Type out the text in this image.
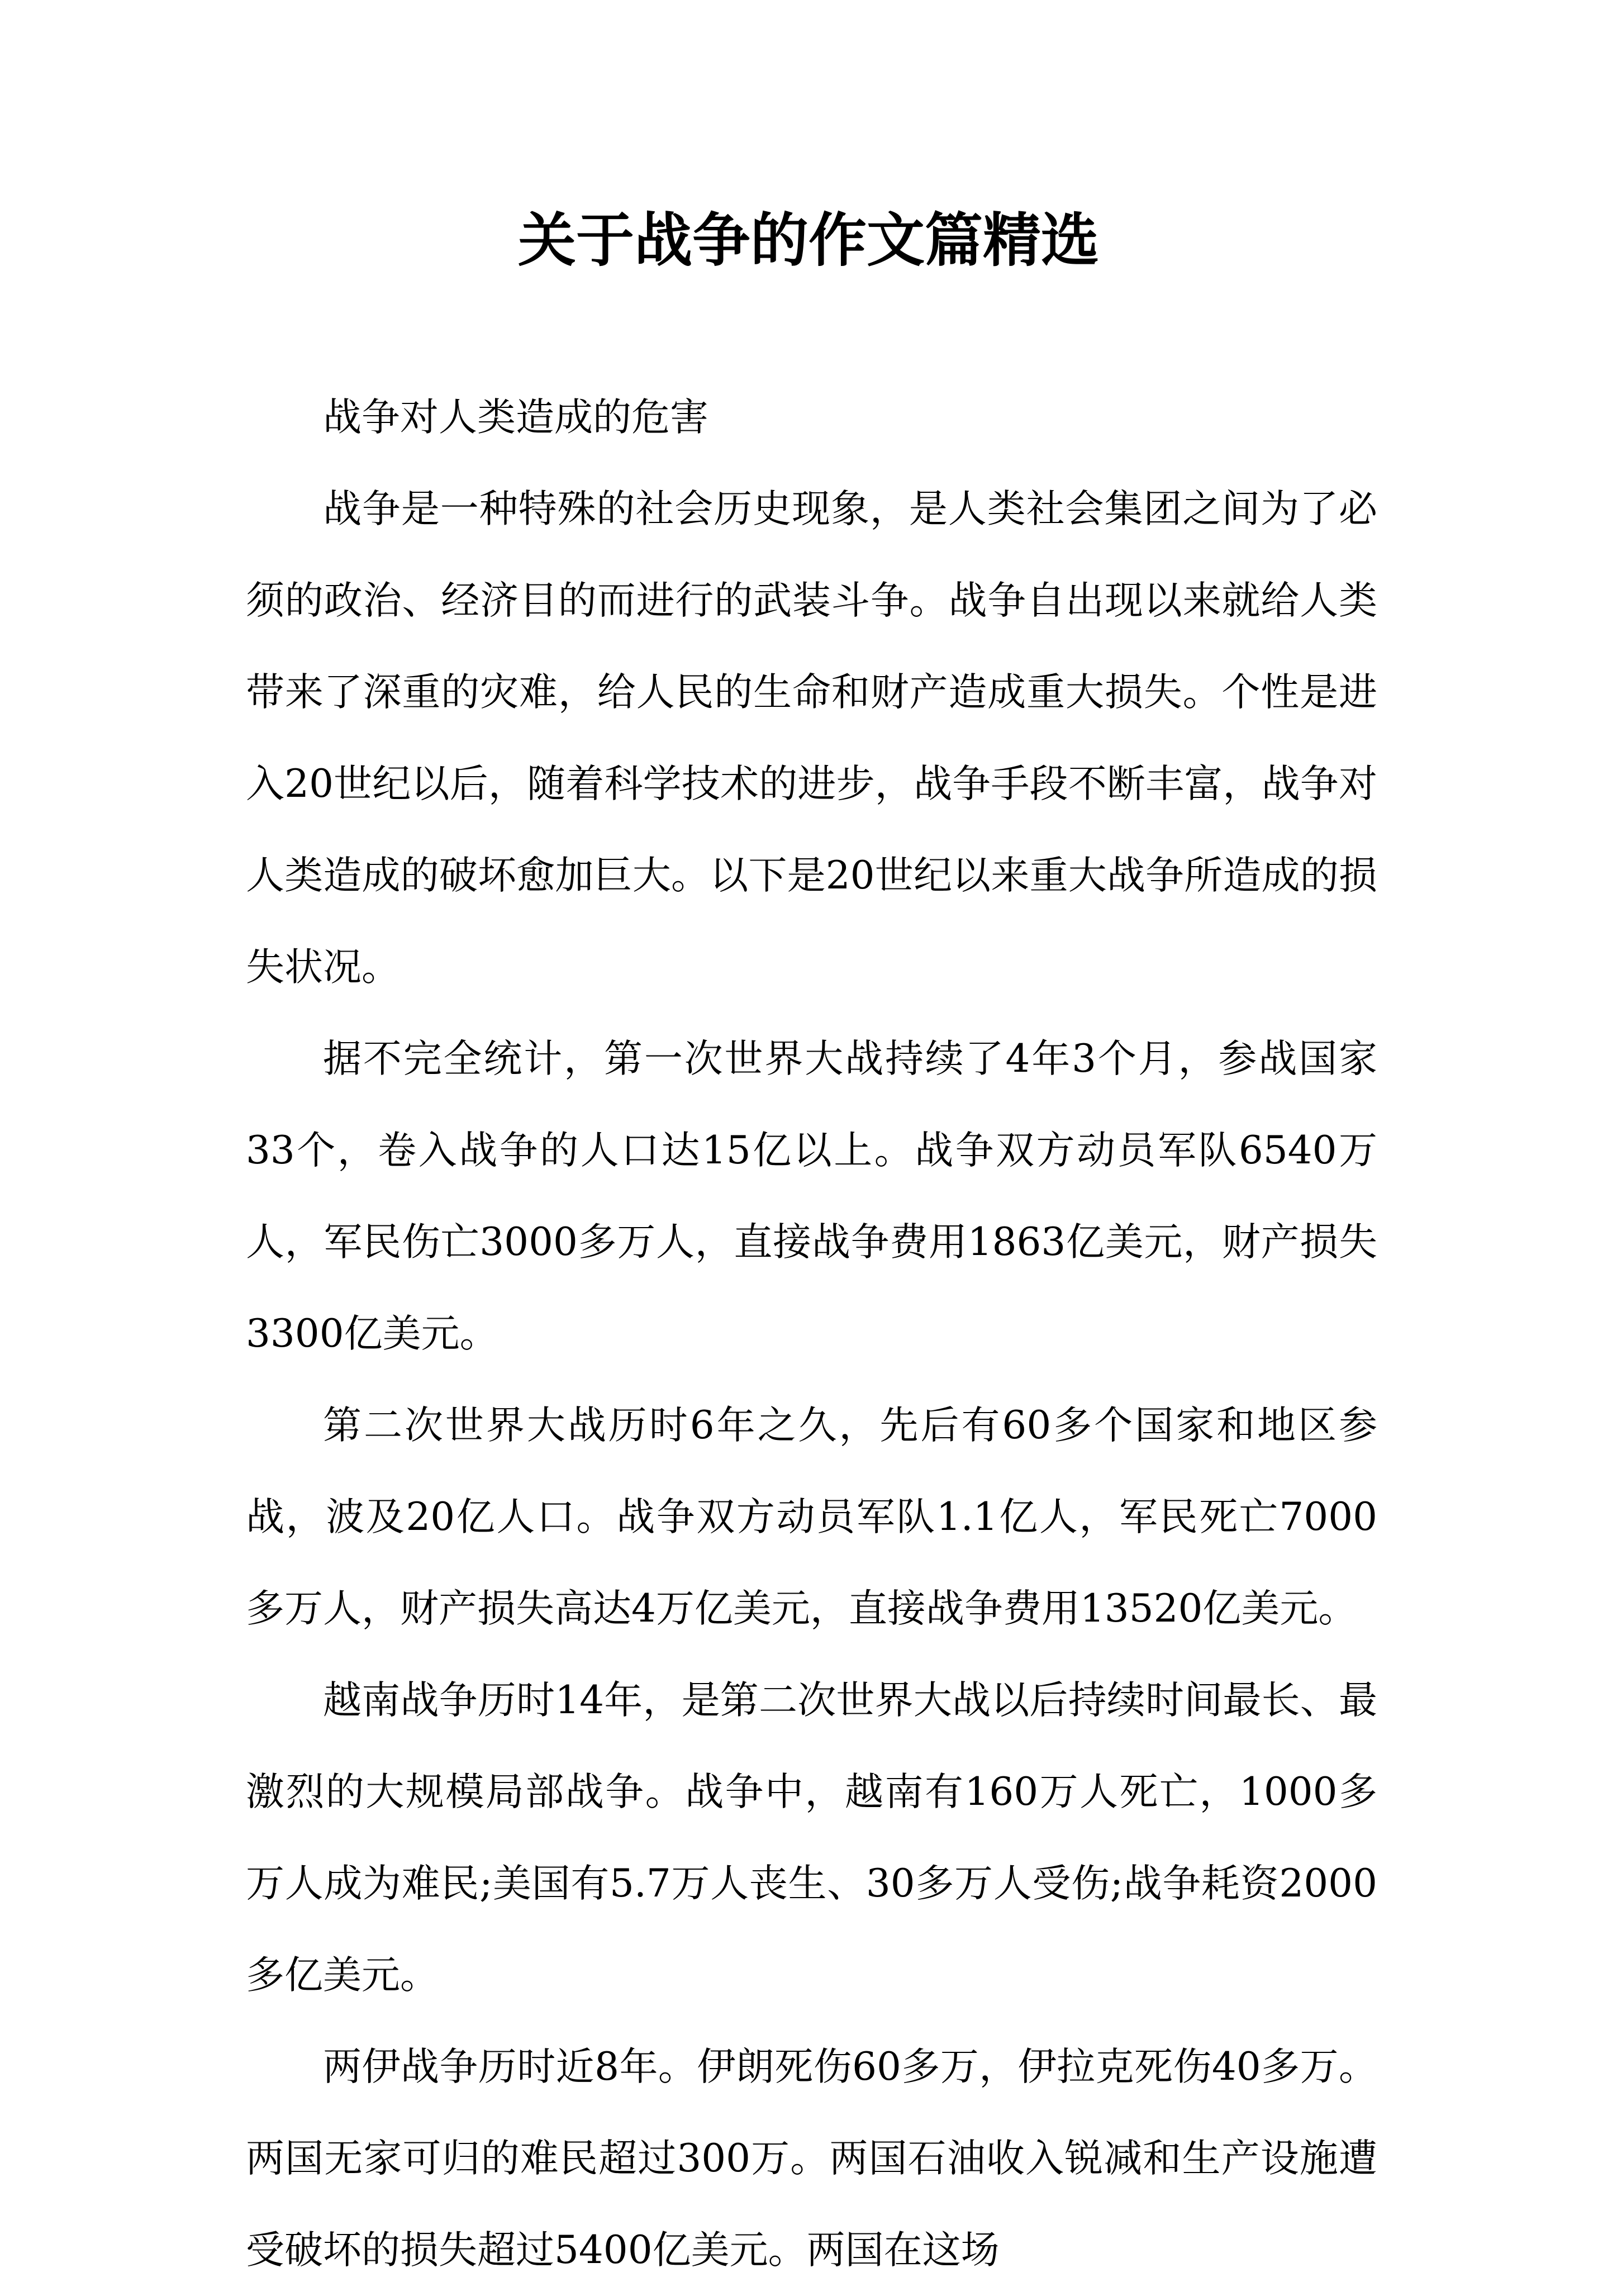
关于战争的作文篇精选

战争对人类造成的危害

战争是一种特殊的社会历史现象，是人类社会集团之间为了必须的政治、经济目的而进行的武装斗争。战争自出现以来就给人类带来了深重的灾难，给人民的生命和财产造成重大损失。个性是进入20世纪以后，随着科学技术的进步，战争手段不断丰富，战争对人类造成的破坏愈加巨大。以下是20世纪以来重大战争所造成的损失状况。

据不完全统计，第一次世界大战持续了4年3个月，参战国家33个，卷入战争的人口达15亿以上。战争双方动员军队6540万人，军民伤亡3000多万人，直接战争费用1863亿美元，财产损失3300亿美元。

第二次世界大战历时6年之久，先后有60多个国家和地区参战，波及20亿人口。战争双方动员军队1.1亿人，军民死亡7000多万人，财产损失高达4万亿美元，直接战争费用13520亿美元。

越南战争历时14年，是第二次世界大战以后持续时间最长、最激烈的大规模局部战争。战争中，越南有160万人死亡，1000多万人成为难民;美国有5.7万人丧生、30多万人受伤;战争耗资2000多亿美元。

两伊战争历时近8年。伊朗死伤60多万，伊拉克死伤40多万。两国无家可归的难民超过300万。两国石油收入锐减和生产设施遭受破坏的损失超过5400亿美元。两国在这场
